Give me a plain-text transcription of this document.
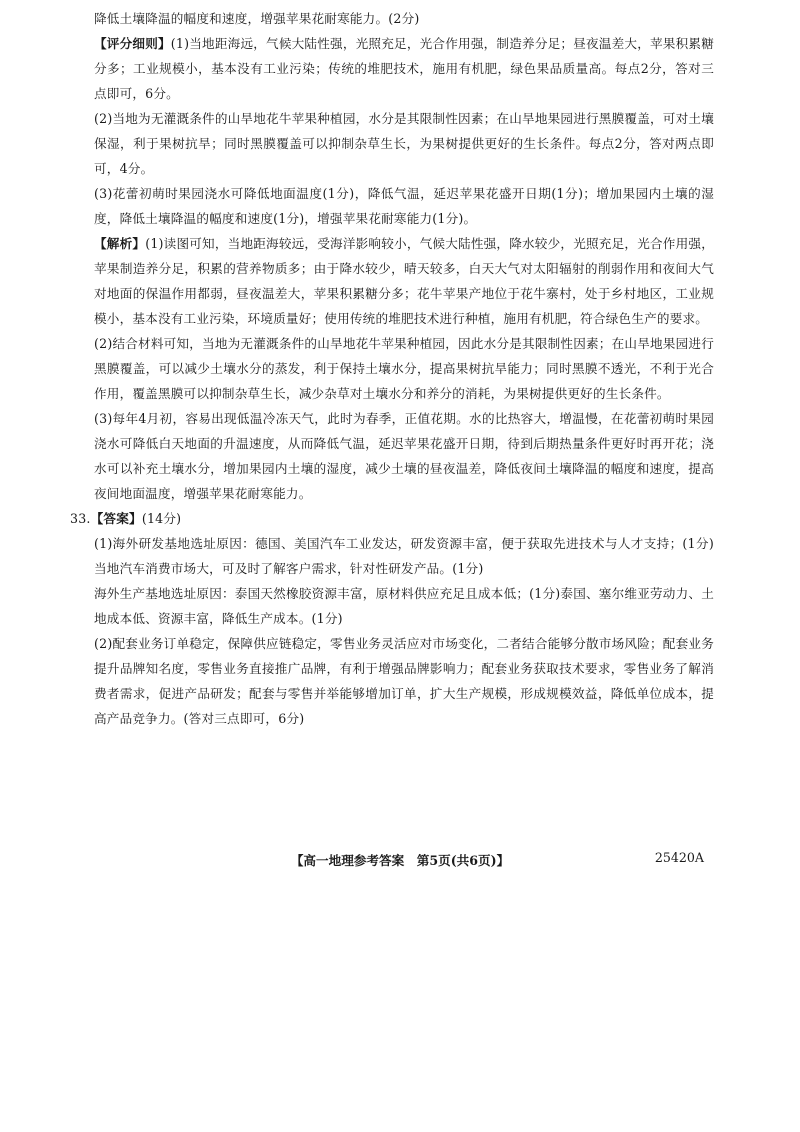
降低土壤降温的幅度和速度，增强苹果花耐寒能力。(2分)

【评分细则】(1)当地距海远，气候大陆性强，光照充足，光合作用强，制造养分足；昼夜温差大，苹果积累糖分多；工业规模小，基本没有工业污染；传统的堆肥技术，施用有机肥，绿色果品质量高。每点2分，答对三点即可，6分。

(2)当地为无灌溉条件的山旱地花牛苹果种植园，水分是其限制性因素；在山旱地果园进行黑膜覆盖，可对土壤保湿，利于果树抗旱；同时黑膜覆盖可以抑制杂草生长，为果树提供更好的生长条件。每点2分，答对两点即可，4分。

(3)花蕾初萌时果园浇水可降低地面温度(1分)，降低气温，延迟苹果花盛开日期(1分)；增加果园内土壤的湿度，降低土壤降温的幅度和速度(1分)，增强苹果花耐寒能力(1分)。

【解析】(1)读图可知，当地距海较远，受海洋影响较小，气候大陆性强，降水较少，光照充足，光合作用强，苹果制造养分足，积累的营养物质多；由于降水较少，晴天较多，白天大气对太阳辐射的削弱作用和夜间大气对地面的保温作用都弱，昼夜温差大，苹果积累糖分多；花牛苹果产地位于花牛寨村，处于乡村地区，工业规模小，基本没有工业污染，环境质量好；使用传统的堆肥技术进行种植，施用有机肥，符合绿色生产的要求。

(2)结合材料可知，当地为无灌溉条件的山旱地花牛苹果种植园，因此水分是其限制性因素；在山旱地果园进行黑膜覆盖，可以减少土壤水分的蒸发，利于保持土壤水分，提高果树抗旱能力；同时黑膜不透光，不利于光合作用，覆盖黑膜可以抑制杂草生长，减少杂草对土壤水分和养分的消耗，为果树提供更好的生长条件。

(3)每年4月初，容易出现低温冷冻天气，此时为春季，正值花期。水的比热容大，增温慢，在花蕾初萌时果园浇水可降低白天地面的升温速度，从而降低气温，延迟苹果花盛开日期，待到后期热量条件更好时再开花；浇水可以补充土壤水分，增加果园内土壤的湿度，减少土壤的昼夜温差，降低夜间土壤降温的幅度和速度，提高夜间地面温度，增强苹果花耐寒能力。

33.【答案】(14分)

(1)海外研发基地选址原因：德国、美国汽车工业发达，研发资源丰富，便于获取先进技术与人才支持；(1分)当地汽车消费市场大，可及时了解客户需求，针对性研发产品。(1分)

海外生产基地选址原因：泰国天然橡胶资源丰富，原材料供应充足且成本低；(1分)泰国、塞尔维亚劳动力、土地成本低、资源丰富，降低生产成本。(1分)

(2)配套业务订单稳定，保障供应链稳定，零售业务灵活应对市场变化，二者结合能够分散市场风险；配套业务提升品牌知名度，零售业务直接推广品牌，有利于增强品牌影响力；配套业务获取技术要求，零售业务了解消费者需求，促进产品研发；配套与零售并举能够增加订单，扩大生产规模，形成规模效益，降低单位成本，提高产品竞争力。(答对三点即可，6分)

【高一地理参考答案　第5页(共6页)】	25420A
